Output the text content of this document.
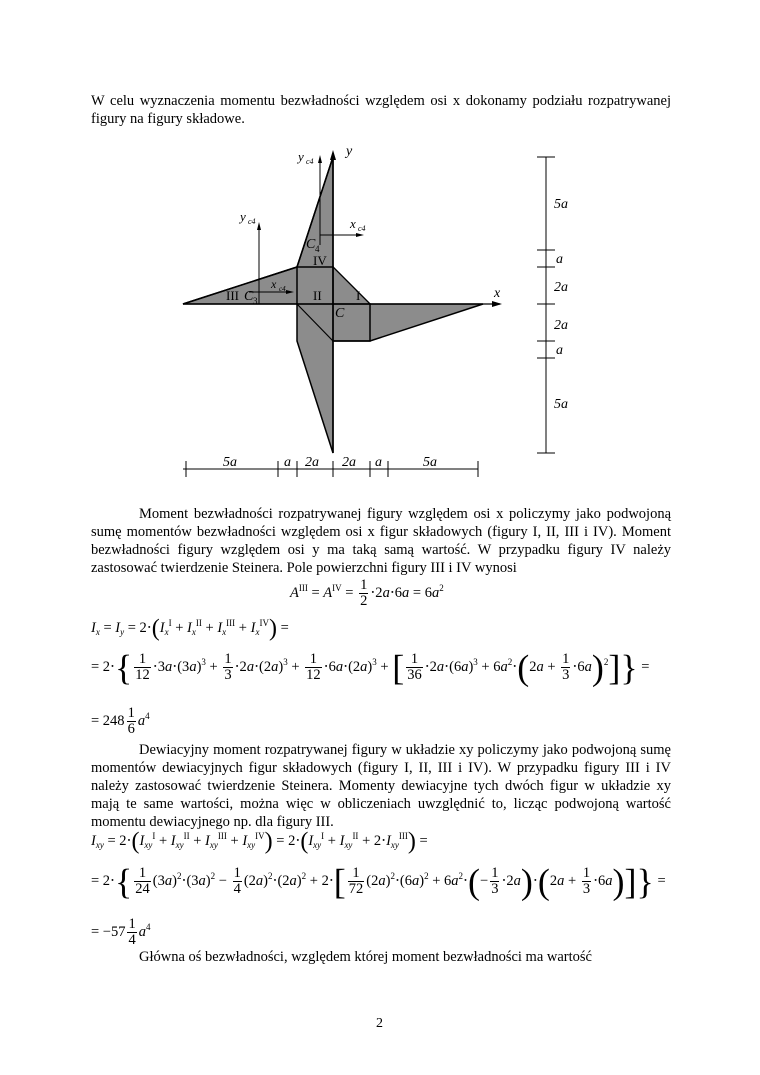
W celu wyznaczenia momentu bezwładności względem osi x dokonamy podziału rozpatrywanej figury na figury składowe.
y
x
y c4
y c4	x c4
x c4
C 4
C 3
C
I
II
III
IV
5a
a
2a
2a
a
5a
5a	a 2a 2a a	5a
Moment bezwładności rozpatrywanej figury względem osi x policzymy jako podwojoną sumę momentów bezwładności względem osi x figur składowych (figury I, II, III i IV). Moment bezwładności figury względem osi y ma taką samą wartość. W przypadku figury IV należy zastosować twierdzenie Steinera. Pole powierzchni figury III i IV wynosi
$A^{III} = A^{IV} = \frac{1}{2} \cdot 2a\cdot 6a = 6a^2$
$I_x = I_y = 2\cdot(I_x^I + I_x^{II} + I_x^{III} + I_x^{IV})$ =
= $2\cdot\{ \frac{1}{12} \cdot 3a\cdot(3a)^3 + \frac{1}{3} \cdot 2a\cdot(2a)^3 + \frac{1}{12} \cdot 6a\cdot(2a)^3$ + [ $\frac{1}{36} \cdot 2a\cdot(6a)^3 + 6a^2\cdot(2a + \frac{1}{3} \cdot 6a)^2$]} =
= $248 \frac{1}{6} a^4$
Dewiacyjny moment rozpatrywanej figury w układzie xy policzymy jako podwojoną sumę momentów dewiacyjnych figur składowych (figury I, II, III i IV). W przypadku figury III i IV należy zastosować twierdzenie Steinera. Momenty dewiacyjne tych dwóch figur w układzie xy mają te same wartości, można więc w obliczeniach uwzględnić to, licząc podwojoną wartość momentu dewiacyjnego np. dla figury III.
$I_{xy} = 2\cdot(I_{xy}^I + I_{xy}^{II} + I_{xy}^{III} + I_{xy}^{IV}) = 2\cdot(I_{xy}^I + I_{xy}^{II} + 2\cdot I_{xy}^{III})$ =
= $2\cdot\{ \frac{1}{24} (3a)^2\cdot(3a)^2 - \frac{1}{4} (2a)^2\cdot(2a)^2 + 2\cdot[ \frac{1}{72} (2a)^2\cdot(6a)^2 + 6a^2\cdot(- \frac{1}{3} \cdot 2a)\cdot(2a + \frac{1}{3} \cdot 6a)]\}$ =
= $-57 \frac{1}{4} a^4$
Główna oś bezwładności, względem której moment bezwładności ma wartość
2
